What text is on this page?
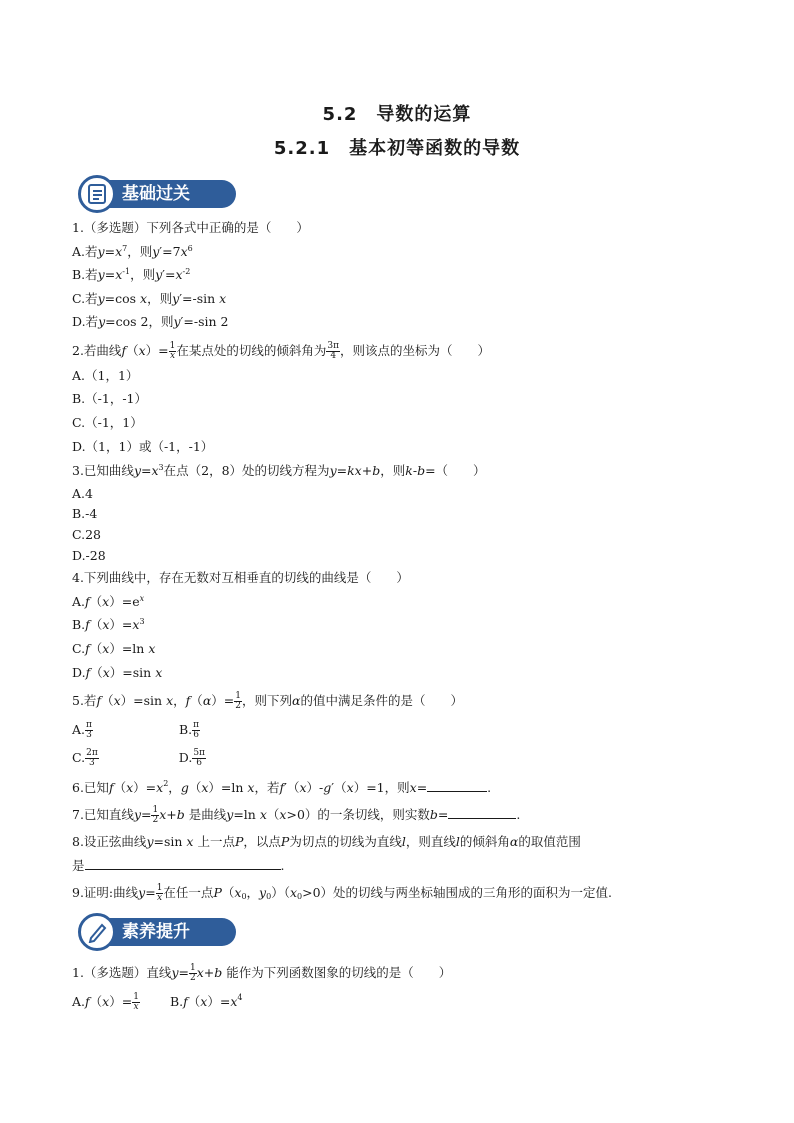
5.2　导数的运算
5.2.1　基本初等函数的导数
基础过关
1.（多选题）下列各式中正确的是（　　）
A.若$y=x^7$，则$y'=7x^6$
B.若$y=x^{-1}$，则$y'=x^{-2}$
C.若y=cos x，则y′=-sin x
D.若y=cos 2，则y′=-sin 2
2.若曲线$f(x)= \frac{1}{x}$ 在某点处的切线的倾斜角为 $\frac{3\pi}{4}$ ，则该点的坐标为（　　）
A.（1，1）
B.（-1，-1）
C.（-1，1）
D.（1，1）或（-1，-1）
3.已知曲线$y=x^3$在点（2，8）处的切线方程为y=kx+b，则k-b=（　　）
A.4
B.-4
C.28
D.-28
4.下列曲线中，存在无数对互相垂直的切线的曲线是（　　）
$A.f(x)=e^x$
$B.f(x)=x^3$
C.f（x）=ln x
D.f（x）=sin x
5.若f（x）=sin x，$f(\alpha)= \frac{1}{2}$ ，则下列α的值中满足条件的是（　　）
A. $\frac{\pi}{3}$	B. $\frac{\pi}{6}$
C. $\frac{2\pi}{3}$	D. $\frac{5\pi}{6}$
6.已知$f(x)=x^2$，g（x）=ln x，若f′（x）-g′（x）=1，则x=	.
7.已知直线$y= \frac{1}{2} x+b$ 是曲线y=ln x（x>0）的一条切线，则实数b=	.
8.设正弦曲线y=sin x 上一点P，以点P为切点的切线为直线l，则直线l的倾斜角α的取值范围
是	.
9.证明:曲线$y= \frac{1}{x}$ 在任一点$P(x_0$，$y_0)(x_0>0)$处的切线与两坐标轴围成的三角形的面积为一定值.
素养提升
1.（多选题）直线$y= \frac{1}{2} x+b$ 能作为下列函数图象的切线的是（　　）
$A.f(x)= \frac{1}{x} B.f(x)=x^4$
